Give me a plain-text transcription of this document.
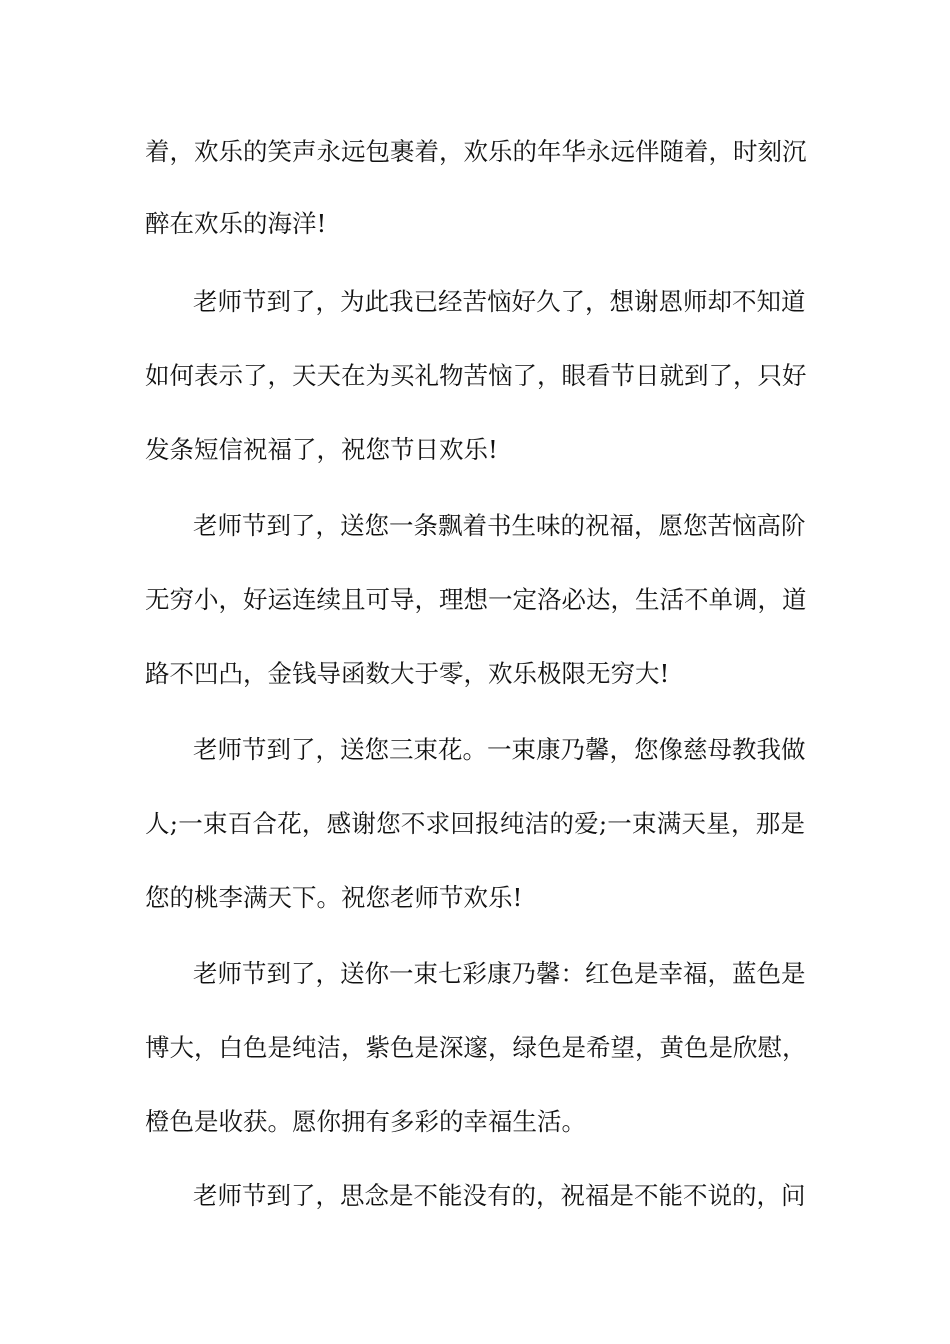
着，欢乐的笑声永远包裹着，欢乐的年华永远伴随着，时刻沉
醉在欢乐的海洋!
老师节到了，为此我已经苦恼好久了，想谢恩师却不知道
如何表示了，天天在为买礼物苦恼了，眼看节日就到了，只好
发条短信祝福了，祝您节日欢乐!
老师节到了，送您一条飘着书生味的祝福，愿您苦恼高阶
无穷小，好运连续且可导，理想一定洛必达，生活不单调，道
路不凹凸，金钱导函数大于零，欢乐极限无穷大!
老师节到了，送您三束花。一束康乃馨，您像慈母教我做
人;一束百合花，感谢您不求回报纯洁的爱;一束满天星，那是
您的桃李满天下。祝您老师节欢乐!
老师节到了，送你一束七彩康乃馨：红色是幸福，蓝色是
博大，白色是纯洁，紫色是深邃，绿色是希望，黄色是欣慰，
橙色是收获。愿你拥有多彩的幸福生活。
老师节到了，思念是不能没有的，祝福是不能不说的，问
